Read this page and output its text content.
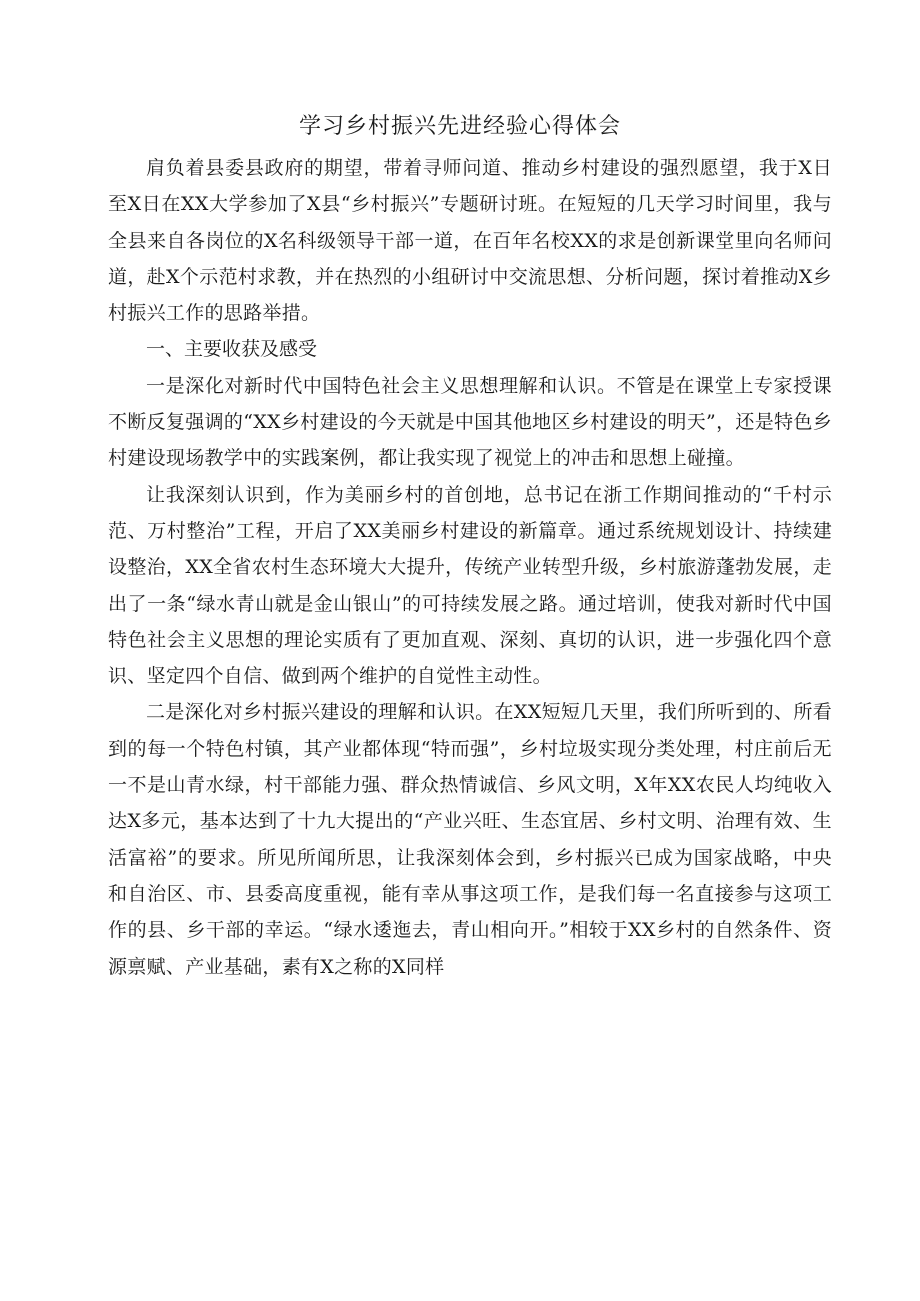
学习乡村振兴先进经验心得体会

肩负着县委县政府的期望，带着寻师问道、推动乡村建设的强烈愿望，我于X日至X日在XX大学参加了X县“乡村振兴”专题研讨班。在短短的几天学习时间里，我与全县来自各岗位的X名科级领导干部一道，在百年名校XX的求是创新课堂里向名师问道，赴X个示范村求教，并在热烈的小组研讨中交流思想、分析问题，探讨着推动X乡村振兴工作的思路举措。

一、主要收获及感受

一是深化对新时代中国特色社会主义思想理解和认识。不管是在课堂上专家授课不断反复强调的“XX乡村建设的今天就是中国其他地区乡村建设的明天”，还是特色乡村建设现场教学中的实践案例，都让我实现了视觉上的冲击和思想上碰撞。

让我深刻认识到，作为美丽乡村的首创地，总书记在浙工作期间推动的“千村示范、万村整治”工程，开启了XX美丽乡村建设的新篇章。通过系统规划设计、持续建设整治，XX全省农村生态环境大大提升，传统产业转型升级，乡村旅游蓬勃发展，走出了一条“绿水青山就是金山银山”的可持续发展之路。通过培训，使我对新时代中国特色社会主义思想的理论实质有了更加直观、深刻、真切的认识，进一步强化四个意识、坚定四个自信、做到两个维护的自觉性主动性。

二是深化对乡村振兴建设的理解和认识。在XX短短几天里，我们所听到的、所看到的每一个特色村镇，其产业都体现“特而强”，乡村垃圾实现分类处理，村庄前后无一不是山青水绿，村干部能力强、群众热情诚信、乡风文明，X年XX农民人均纯收入达X多元，基本达到了十九大提出的“产业兴旺、生态宜居、乡村文明、治理有效、生活富裕”的要求。所见所闻所思，让我深刻体会到，乡村振兴已成为国家战略，中央和自治区、市、县委高度重视，能有幸从事这项工作，是我们每一名直接参与这项工作的县、乡干部的幸运。“绿水逶迤去，青山相向开。”相较于XX乡村的自然条件、资源禀赋、产业基础，素有X之称的X同样
